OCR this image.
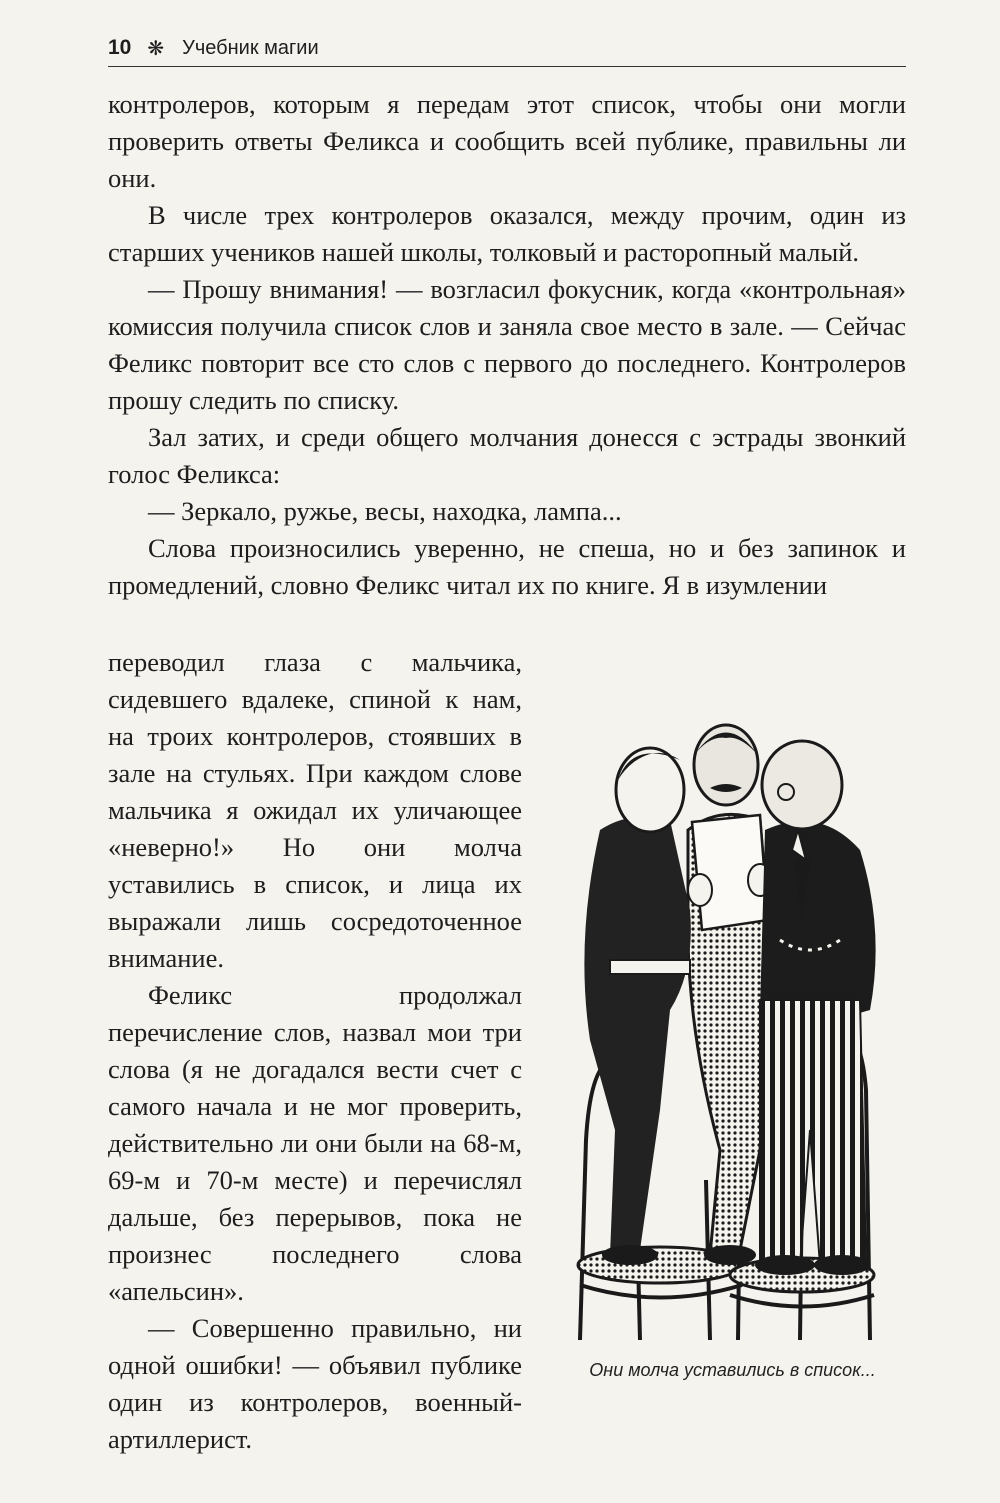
10 ❋ Учебник магии

контролеров, которым я передам этот список, чтобы они могли проверить ответы Феликса и сообщить всей публике, правильны ли они.

В числе трех контролеров оказался, между прочим, один из старших учеников нашей школы, толковый и расторопный малый.

— Прошу внимания! — возгласил фокусник, когда «контрольная» комиссия получила список слов и заняла свое место в зале. — Сейчас Феликс повторит все сто слов с первого до последнего. Контролеров прошу следить по списку.

Зал затих, и среди общего молчания донесся с эстрады звонкий голос Феликса:

— Зеркало, ружье, весы, находка, лампа...

Слова произносились уверенно, не спеша, но и без запинок и промедлений, словно Феликс читал их по книге. Я в изумлении

переводил глаза с мальчика, сидевшего вдалеке, спиной к нам, на троих контролеров, стоявших в зале на стульях. При каждом слове мальчика я ожидал их уличающее «неверно!» Но они молча уставились в список, и лица их выражали лишь сосредоточенное внимание.

Феликс продолжал перечисление слов, назвал мои три слова (я не догадался вести счет с самого начала и не мог проверить, действительно ли они были на 68-м, 69-м и 70-м месте) и перечислял дальше, без перерывов, пока не произнес последнего слова «апельсин».

— Совершенно правильно, ни одной ошибки! — объявил публике один из контролеров, военный-артиллерист.

Они молча уставились в список...
